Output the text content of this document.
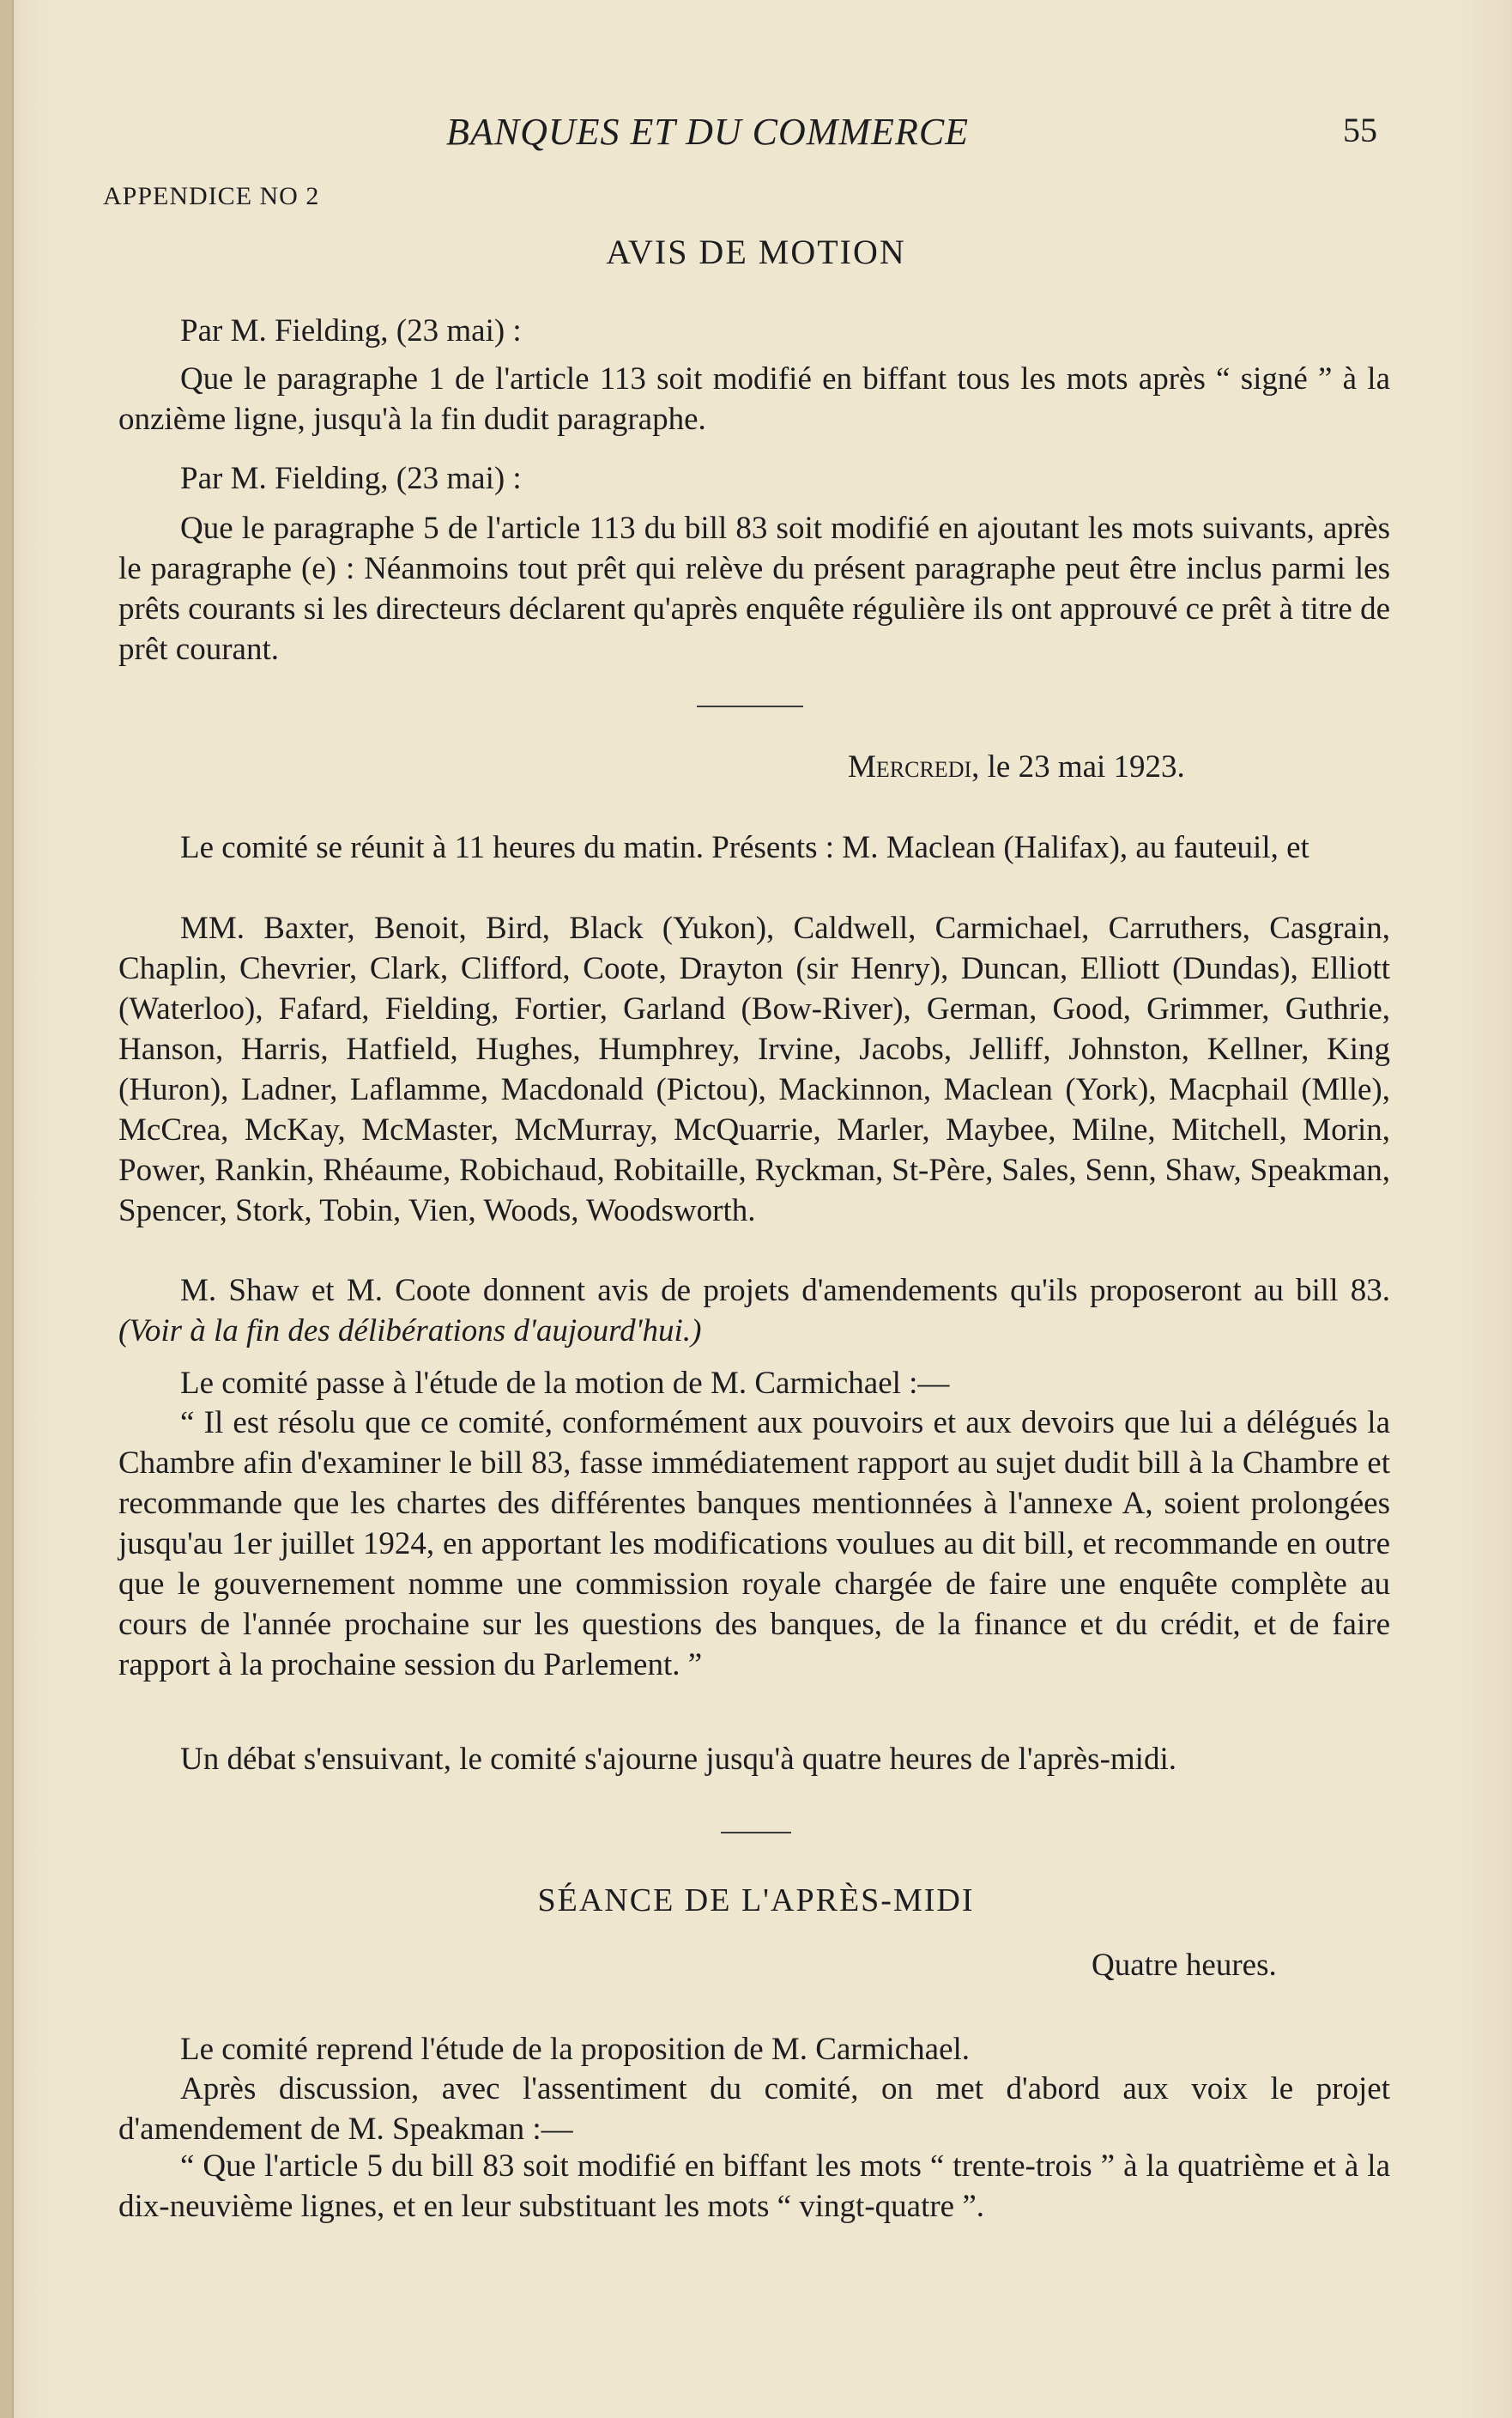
BANQUES ET DU COMMERCE	55
APPENDICE NO 2
AVIS DE MOTION

Par M. Fielding, (23 mai) :

Que le paragraphe 1 de l'article 113 soit modifié en biffant tous les mots après “ signé ” à la onzième ligne, jusqu'à la fin dudit paragraphe.

Par M. Fielding, (23 mai) :

Que le paragraphe 5 de l'article 113 du bill 83 soit modifié en ajoutant les mots suivants, après le paragraphe (e) : Néanmoins tout prêt qui relève du présent paragraphe peut être inclus parmi les prêts courants si les directeurs déclarent qu'après enquête régulière ils ont approuvé ce prêt à titre de prêt courant.

Mercredi, le 23 mai 1923.

Le comité se réunit à 11 heures du matin. Présents : M. Maclean (Halifax), au fauteuil, et

MM. Baxter, Benoit, Bird, Black (Yukon), Caldwell, Carmichael, Carruthers, Casgrain, Chaplin, Chevrier, Clark, Clifford, Coote, Drayton (sir Henry), Duncan, Elliott (Dundas), Elliott (Waterloo), Fafard, Fielding, Fortier, Garland (Bow-River), German, Good, Grimmer, Guthrie, Hanson, Harris, Hatfield, Hughes, Humphrey, Irvine, Jacobs, Jelliff, Johnston, Kellner, King (Huron), Ladner, Laflamme, Macdonald (Pictou), Mackinnon, Maclean (York), Macphail (Mlle), McCrea, McKay, McMaster, McMurray, McQuarrie, Marler, Maybee, Milne, Mitchell, Morin, Power, Rankin, Rhéaume, Robichaud, Robitaille, Ryckman, St-Père, Sales, Senn, Shaw, Speakman, Spencer, Stork, Tobin, Vien, Woods, Woodsworth.

M. Shaw et M. Coote donnent avis de projets d'amendements qu'ils proposeront au bill 83. (Voir à la fin des délibérations d'aujourd'hui.)

Le comité passe à l'étude de la motion de M. Carmichael :—

“ Il est résolu que ce comité, conformément aux pouvoirs et aux devoirs que lui a délégués la Chambre afin d'examiner le bill 83, fasse immédiatement rapport au sujet dudit bill à la Chambre et recommande que les chartes des différentes banques mentionnées à l'annexe A, soient prolongées jusqu'au 1er juillet 1924, en apportant les modifications voulues au dit bill, et recommande en outre que le gouvernement nomme une commission royale chargée de faire une enquête complète au cours de l'année prochaine sur les questions des banques, de la finance et du crédit, et de faire rapport à la prochaine session du Parlement. ”

Un débat s'ensuivant, le comité s'ajourne jusqu'à quatre heures de l'après-midi.

SÉANCE DE L'APRÈS-MIDI
Quatre heures.

Le comité reprend l'étude de la proposition de M. Carmichael.

Après discussion, avec l'assentiment du comité, on met d'abord aux voix le projet d'amendement de M. Speakman :—

“ Que l'article 5 du bill 83 soit modifié en biffant les mots “ trente-trois ” à la quatrième et à la dix-neuvième lignes, et en leur substituant les mots “ vingt-quatre ”.
